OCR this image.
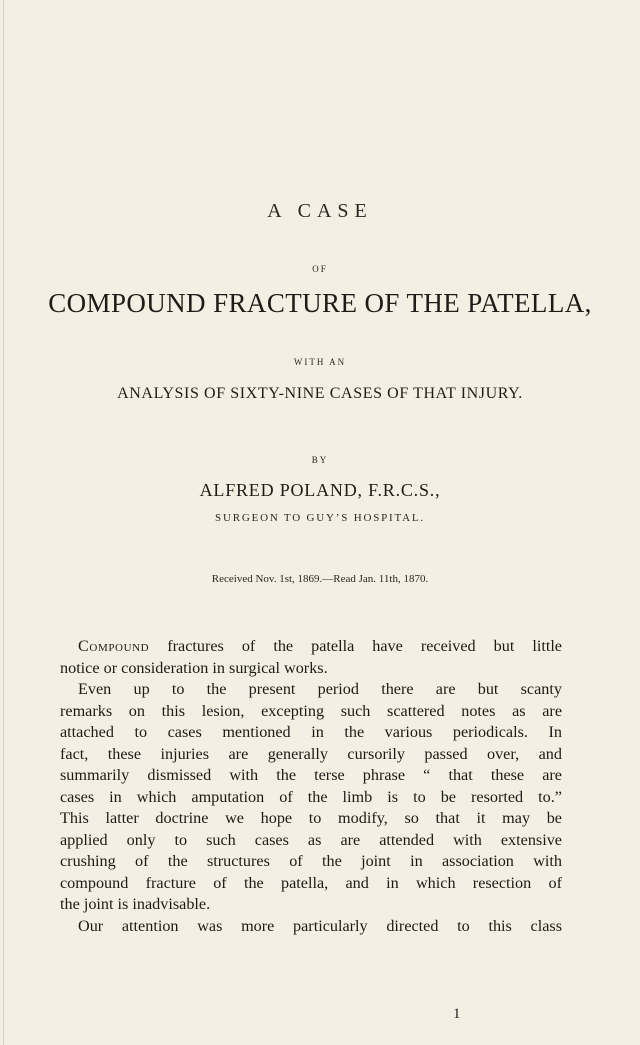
A CASE
OF
COMPOUND FRACTURE OF THE PATELLA,
WITH AN
ANALYSIS OF SIXTY-NINE CASES OF THAT INJURY.
BY
ALFRED POLAND, F.R.C.S.,
SURGEON TO GUY’S HOSPITAL.
Received Nov. 1st, 1869.—Read Jan. 11th, 1870.
Compound fractures of the patella have received but little
notice or consideration in surgical works.
Even up to the present period there are but scanty
remarks on this lesion, excepting such scattered notes as are
attached to cases mentioned in the various periodicals. In
fact, these injuries are generally cursorily passed over, and
summarily dismissed with the terse phrase “ that these are
cases in which amputation of the limb is to be resorted to.”
This latter doctrine we hope to modify, so that it may be
applied only to such cases as are attended with extensive
crushing of the structures of the joint in association with
compound fracture of the patella, and in which resection of
the joint is inadvisable.
Our attention was more particularly directed to this class
1
